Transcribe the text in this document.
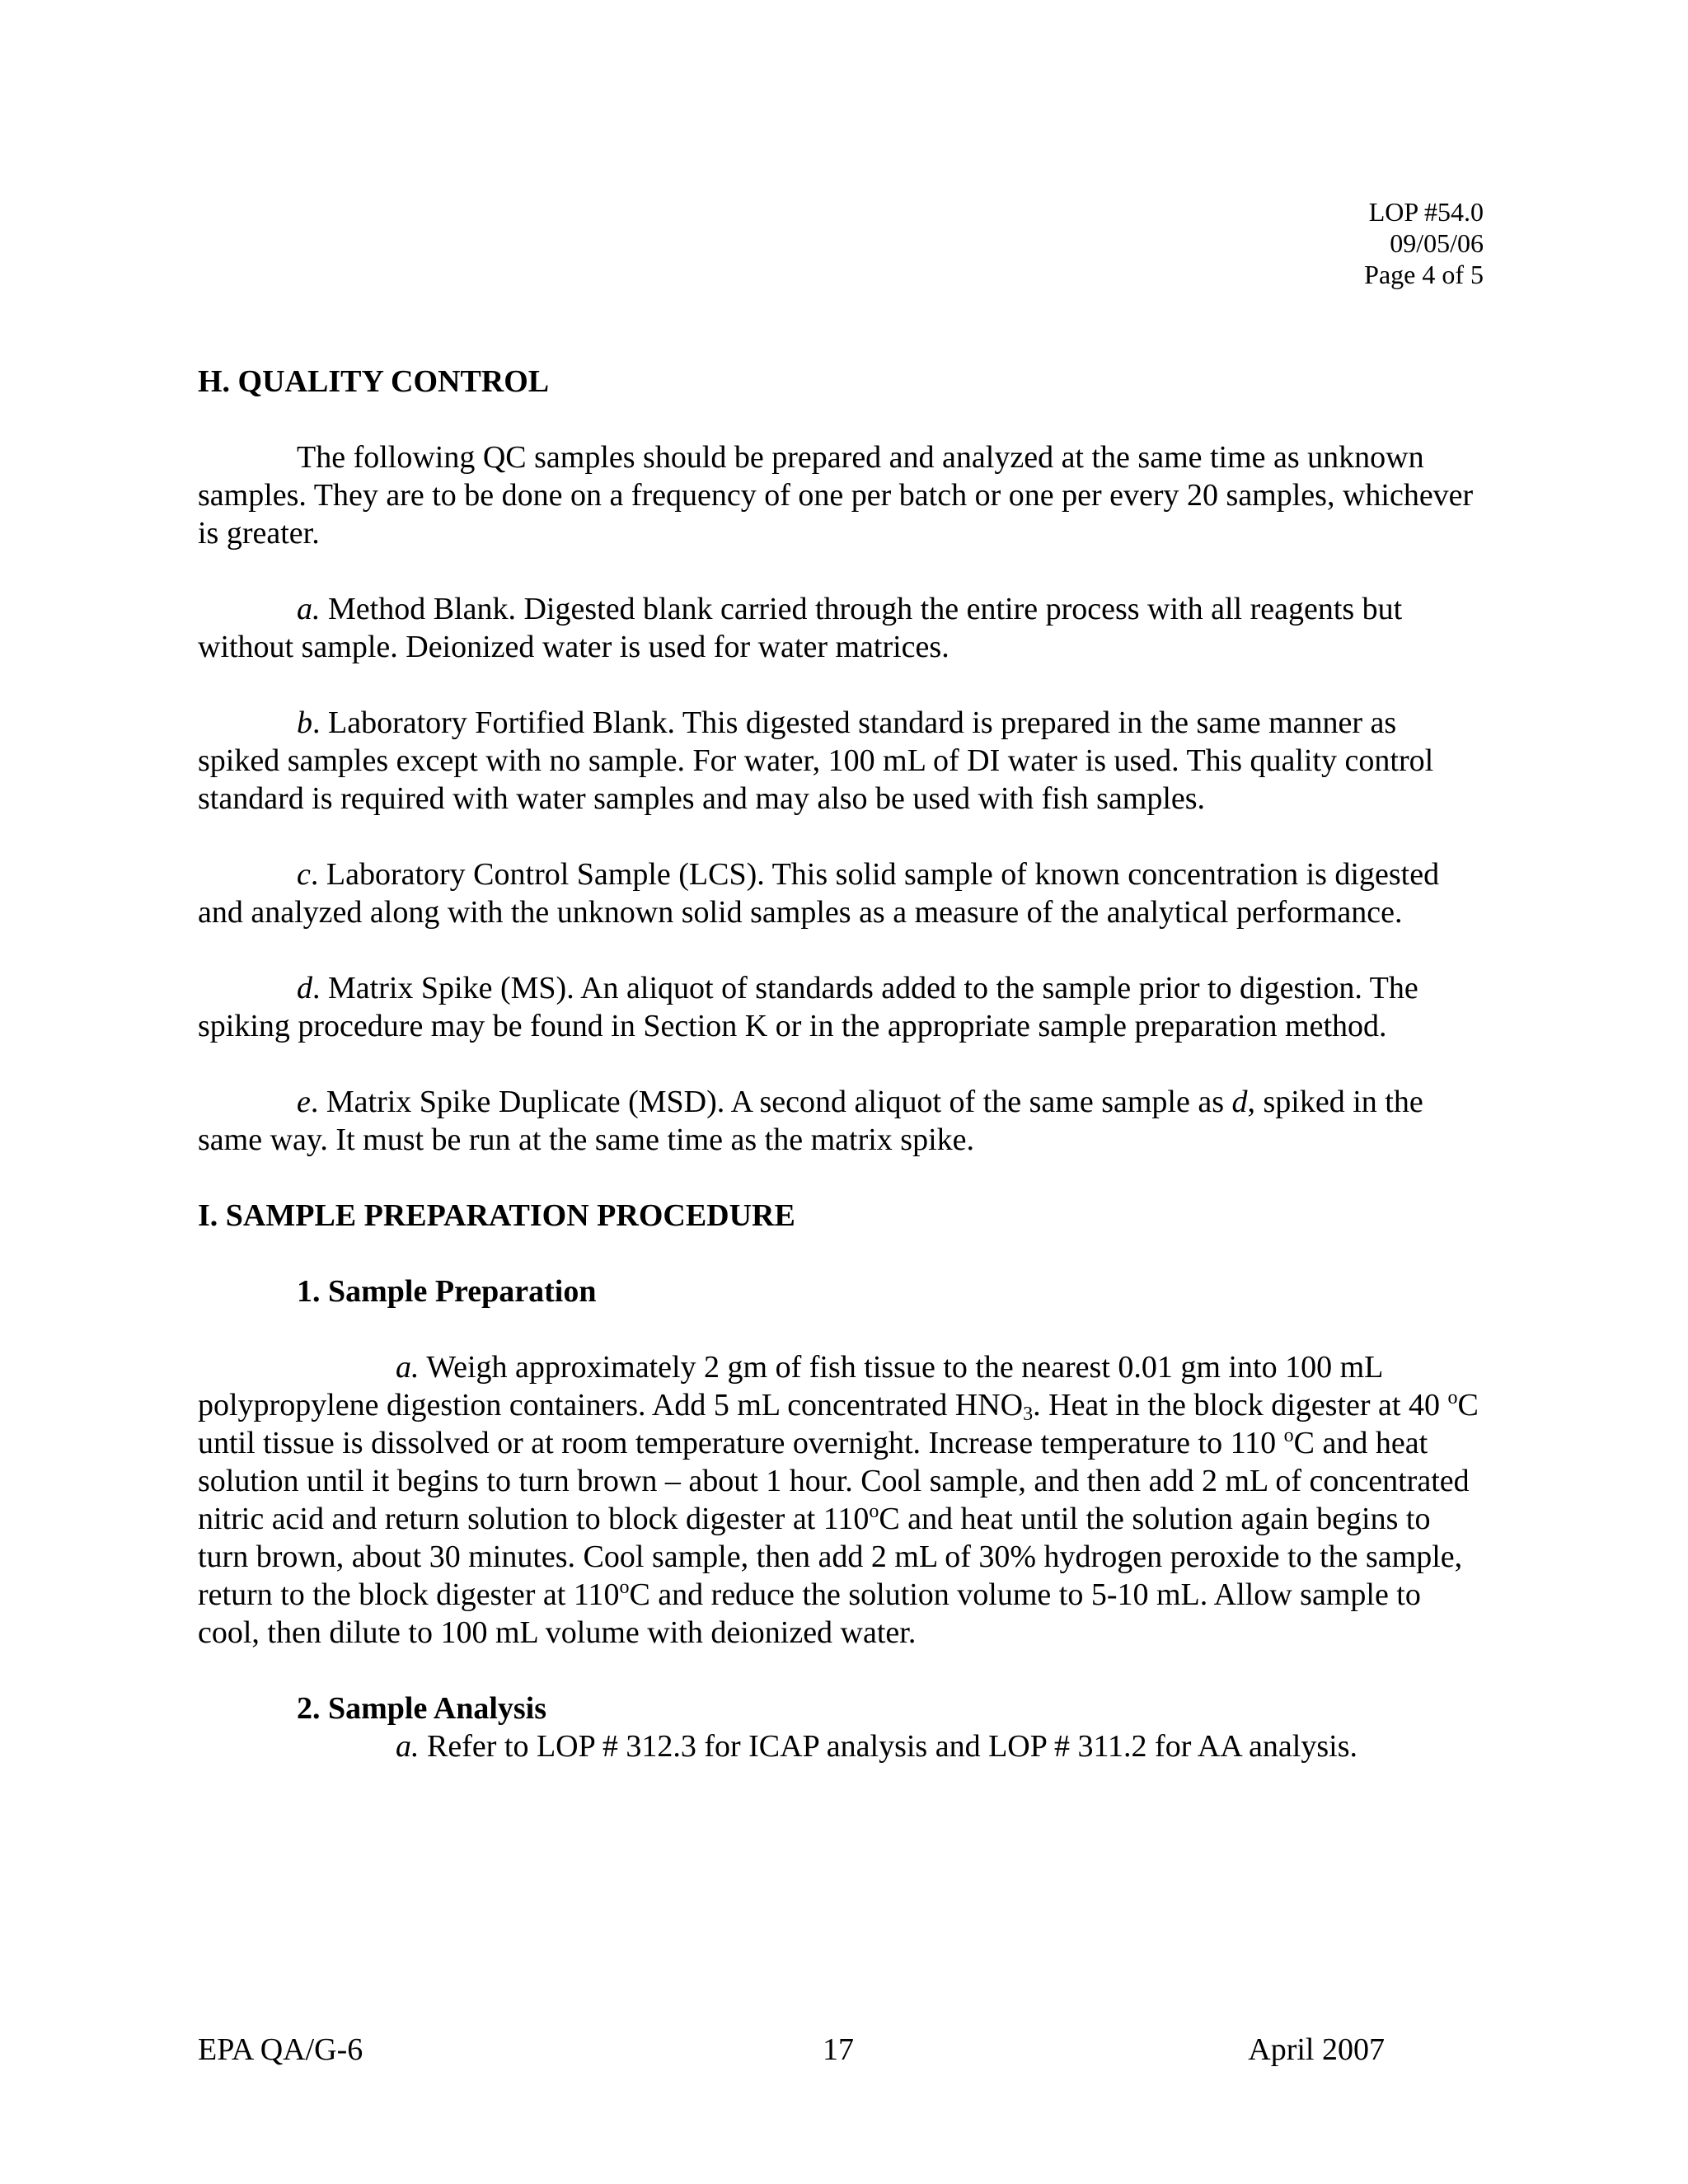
LOP #54.0
09/05/06
Page 4 of 5

H. QUALITY CONTROL

The following QC samples should be prepared and analyzed at the same time as unknown samples. They are to be done on a frequency of one per batch or one per every 20 samples, whichever is greater.

a. Method Blank. Digested blank carried through the entire process with all reagents but without sample. Deionized water is used for water matrices.

b. Laboratory Fortified Blank. This digested standard is prepared in the same manner as spiked samples except with no sample. For water, 100 mL of DI water is used. This quality control standard is required with water samples and may also be used with fish samples.

c. Laboratory Control Sample (LCS). This solid sample of known concentration is digested and analyzed along with the unknown solid samples as a measure of the analytical performance.

d. Matrix Spike (MS). An aliquot of standards added to the sample prior to digestion. The spiking procedure may be found in Section K or in the appropriate sample preparation method.

e. Matrix Spike Duplicate (MSD). A second aliquot of the same sample as d, spiked in the same way. It must be run at the same time as the matrix spike.

I. SAMPLE PREPARATION PROCEDURE

1. Sample Preparation

a. Weigh approximately 2 gm of fish tissue to the nearest 0.01 gm into 100 mL polypropylene digestion containers. Add 5 mL concentrated $HNO_3$. Heat in the block digester at 40 $^o$C until tissue is dissolved or at room temperature overnight. Increase temperature to 110 $^o$C and heat solution until it begins to turn brown – about 1 hour. Cool sample, and then add 2 mL of concentrated nitric acid and return solution to block digester at 110$^o$C and heat until the solution again begins to turn brown, about 30 minutes. Cool sample, then add 2 mL of 30% hydrogen peroxide to the sample, return to the block digester at 110$^o$C and reduce the solution volume to 5-10 mL. Allow sample to cool, then dilute to 100 mL volume with deionized water.

2. Sample Analysis

a. Refer to LOP # 312.3 for ICAP analysis and LOP # 311.2 for AA analysis.

EPA QA/G-6	17	April 2007
